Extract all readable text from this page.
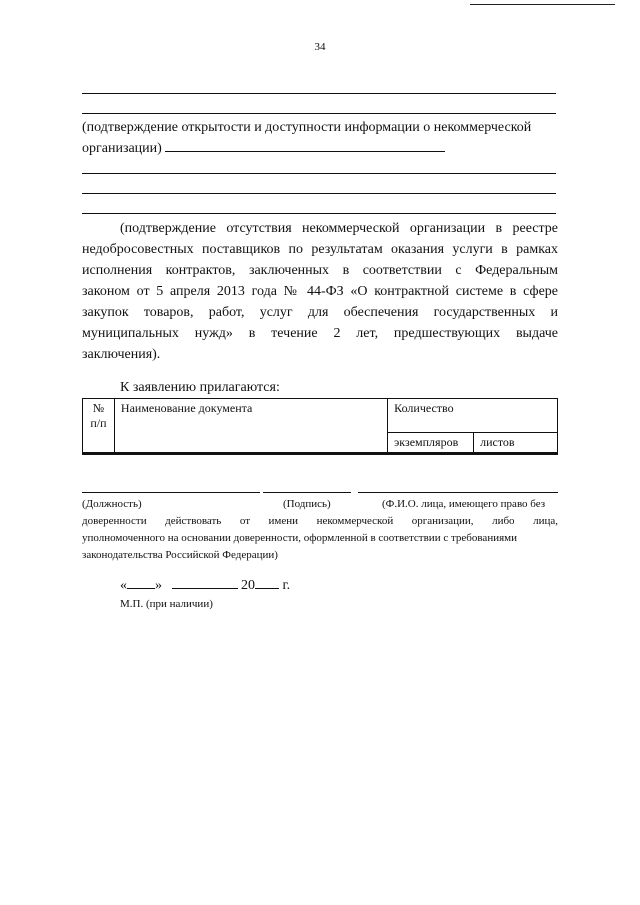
34
(подтверждение открытости и доступности информации о некоммерческой
организации)
(подтверждение отсутствия некоммерческой организации в реестре
недобросовестных поставщиков по результатам оказания услуги в рамках
исполнения контрактов, заключенных в соответствии с Федеральным
законом от 5 апреля 2013 года № 44-ФЗ «О контрактной системе в сфере
закупок товаров, работ, услуг для обеспечения государственных и
муниципальных нужд» в течение 2 лет, предшествующих выдаче
заключения).
К заявлению прилагаются:
№
п/п	Наименование документа	Количество	
		экземпляров	листов
(Должность)	(Подпись)	(Ф.И.О. лица, имеющего право без
доверенности действовать от имени некоммерческой организации, либо лица,
уполномоченного на основании доверенности, оформленной в соответствии с требованиями
законодательства Российской Федерации)
« »	20 г.
М.П. (при наличии)
